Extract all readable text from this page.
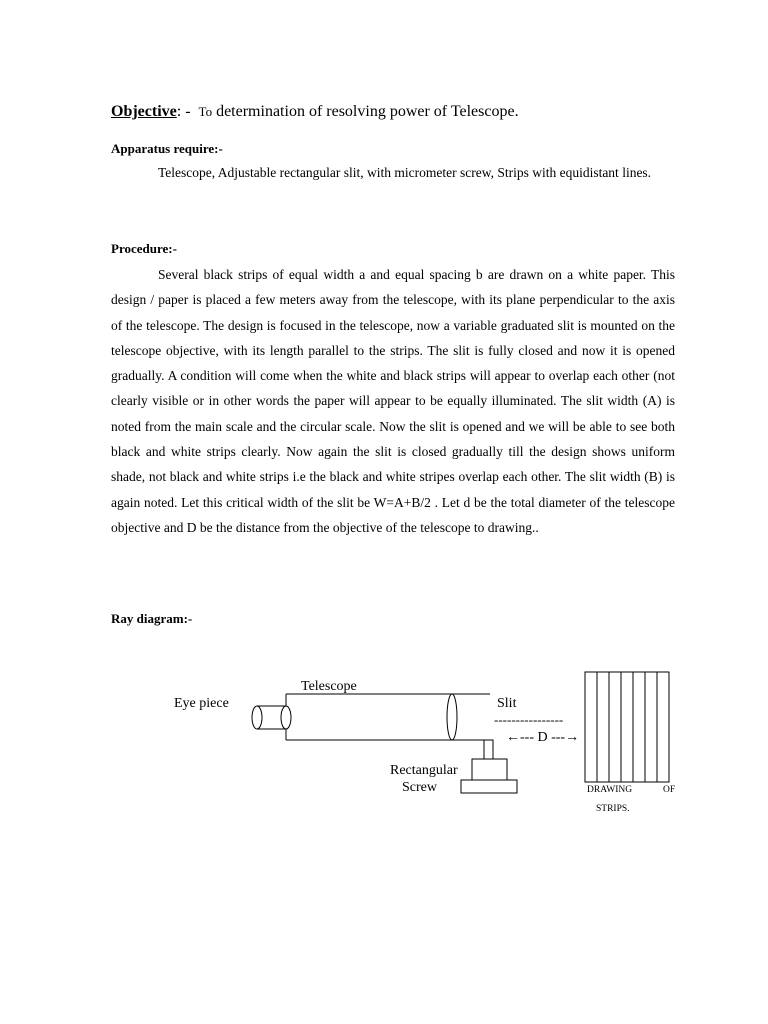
Objective: - To determination of resolving power of Telescope.
Apparatus require:-

Telescope, Adjustable rectangular slit, with micrometer screw, Strips with equidistant lines.

Procedure:-

Several black strips of equal width a and equal spacing b are drawn on a white paper. This design / paper is placed a few meters away from the telescope, with its plane perpendicular to the axis of the telescope. The design is focused in the telescope, now a variable graduated slit is mounted on the telescope objective, with its length parallel to the strips. The slit is fully closed and now it is opened gradually. A condition will come when the white and black strips will appear to overlap each other (not clearly visible or in other words the paper will appear to be equally illuminated. The slit width (A) is noted from the main scale and the circular scale. Now the slit is opened and we will be able to see both black and white strips clearly. Now again the slit is closed gradually till the design shows uniform shade, not black and white strips i.e the black and white stripes overlap each other. The slit width (B) is again noted. Let this critical width of the slit be W=A+B/2 . Let d be the total diameter of the telescope objective and D be the distance from the objective of the telescope to drawing..

Ray diagram:-
Telescope
Eye piece	Slit
----------------
←--- D ---→
Rectangular
Screw	DRAWING	OF
STRIPS.
